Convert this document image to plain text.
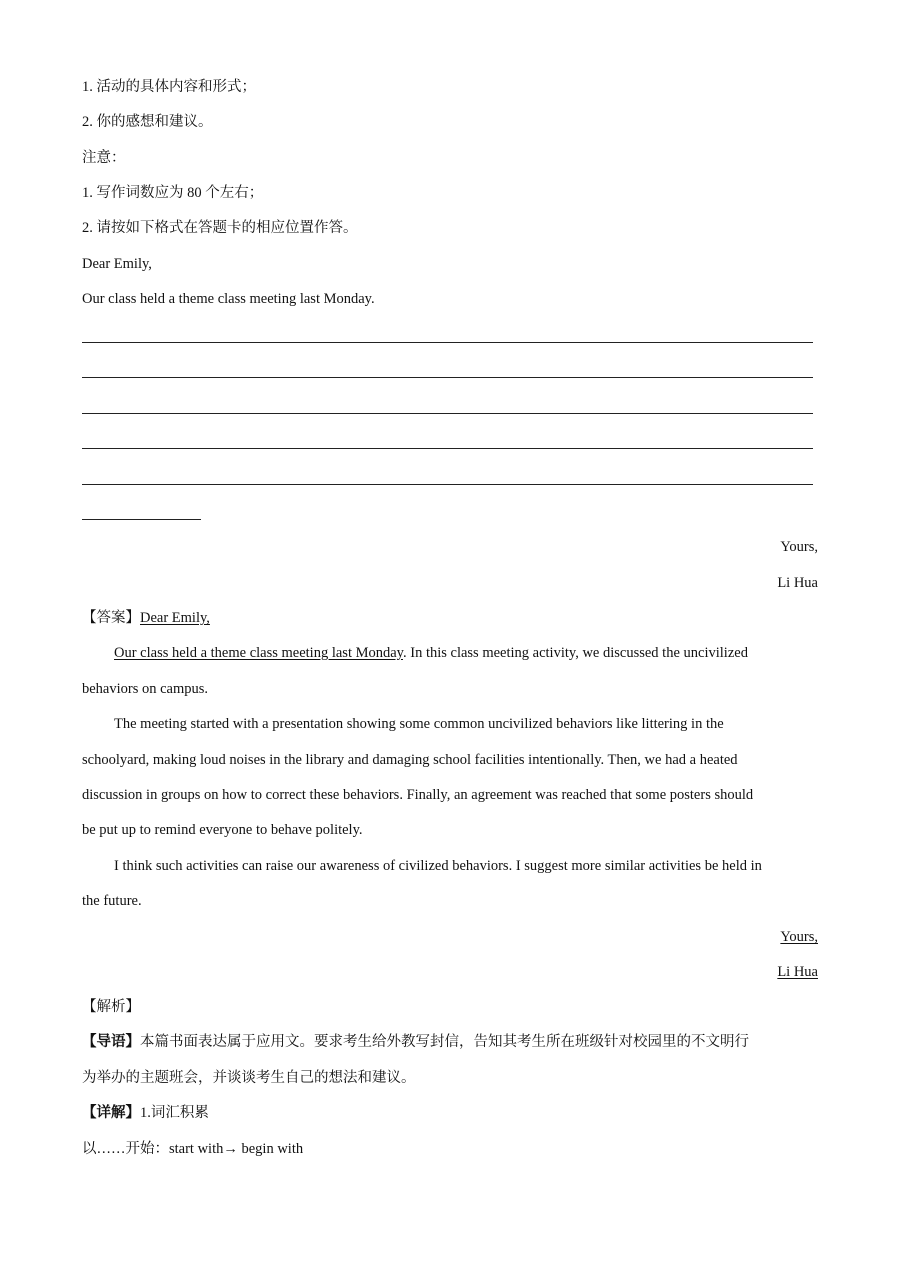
1. 活动的具体内容和形式；
2. 你的感想和建议。
注意：
1. 写作词数应为 80 个左右；
2. 请按如下格式在答题卡的相应位置作答。
Dear Emily,
Our class held a theme class meeting last Monday.
Yours,
Li Hua
【答案】Dear Emily,
Our class held a theme class meeting last Monday. In this class meeting activity, we discussed the uncivilized
behaviors on campus.
The meeting started with a presentation showing some common uncivilized behaviors like littering in the
schoolyard, making loud noises in the library and damaging school facilities intentionally. Then, we had a heated
discussion in groups on how to correct these behaviors. Finally, an agreement was reached that some posters should
be put up to remind everyone to behave politely.
I think such activities can raise our awareness of civilized behaviors. I suggest more similar activities be held in
the future.
Yours,
Li Hua
【解析】
【导语】本篇书面表达属于应用文。要求考生给外教写封信，告知其考生所在班级针对校园里的不文明行
为举办的主题班会，并谈谈考生自己的想法和建议。
【详解】1.词汇积累
以……开始：start with→ begin with
